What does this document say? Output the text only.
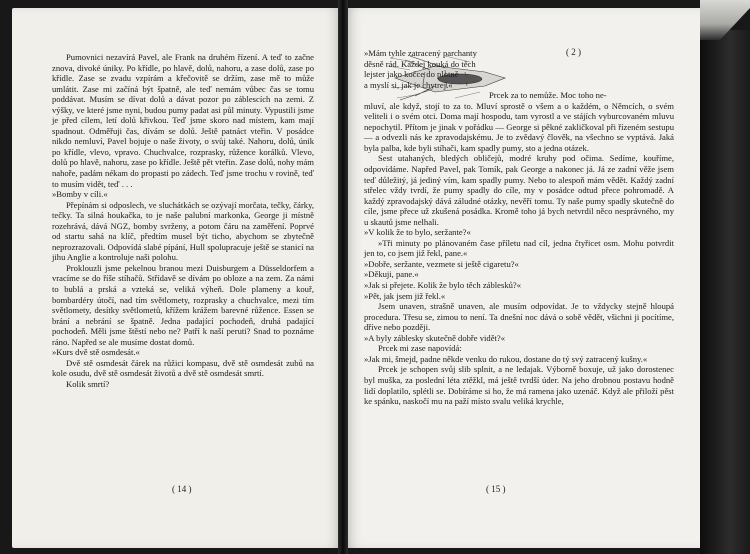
Pumovnici nezavírá Pavel, ale Frank na druhém řízení. A teď to začne znova, divoké úniky. Po křídle, po hlavě, dolů, nahoru, a zase dolů, zase po křídle. Zase se zvadu vzpírám a křečovitě se držím, zase mě to může umlátit. Zase mi začíná být špatně, ale teď nemám vůbec čas se tomu poddávat. Musím se dívat dolů a dávat pozor po záblescích na zemi. Z výšky, ve které jsme nyni, budou pumy padat asi půl minuty. Vypustili jsme je před cílem, letí dolů křivkou. Teď jsme skoro nad místem, kam mají spadnout. Odměřuji čas, dívám se dolů. Ještě patnáct vteřin. V posádce nikdo nemluví, Pavel bojuje o naše životy, o svůj také. Nahoru, dolů, únik po křídle, vlevo, vpravo. Chuchvalce, rozprasky, růžence korálků. Vlevo, dolů po hlavě, nahoru, zase po křídle. Ještě pět vteřin. Zase dolů, nohy mám nahoře, padám nékam do propasti po zádech. Teď jsme trochu v rovině, teď to musím vidět, teď . . .

»Bomby v cíli.«

Přepínám si odposlech, ve sluchátkách se ozývají morčata, tečky, čárky, tečky. Ta silná houkačka, to je naše palubní markonka, George ji místně rozehrává, dává NGZ, bomby svrženy, a potom čáru na zaměření. Poprvé od startu sahá na klíč, předtím musel být ticho, abychom se zbytečně neprozrazovali. Odpovídá slabé pípání, Hull spolupracuje ještě se stanicí na jihu Anglie a kontroluje naši polohu.

Proklouzli jsme pekelnou branou mezi Duisburgem a Düsseldorfem a vracíme se do říše stíhačů. Střídavě se dívám po obloze a na zem. Za námi to bublá a prská a vzteká se, veliká výheň. Dole plameny a kouř, bombardéry útočí, nad tím světlomety, rozprasky a chuchvalce, mezi tím světlomety, desítky světlometů, křížem krážem barevné růžence. Essen se brání a nebrání se špatně. Jedna padající pochodeň, druhá padající pochodeň. Měli jsme štěstí nebo ne? Patří k naší peruti? Snad to poznáme ráno. Napřed se ale musíme dostat domů.

»Kurs dvě stě osmdesát.«

Dvě stě osmdesát čárek na růžici kompasu, dvě stě osmdesát zubů na kole osudu, dvě stě osmdesát životů a dvě stě osmdesát smrtí.

Kolik smrtí?

( 14 )
( 2 )

»Mám tyhle zatracený parchanty

děsně rád. Každej kouká do těch

lejster jako kočce do plotně

a myslí si, jak je chytrej.«

Prcek za to nemůže. Moc toho ne-

mluví, ale když, stojí to za to. Mluví sprostě o všem a o každém, o Němcích, o svém veliteli i o svém otci. Doma mají hospodu, tam vyrostl a ve stájích vyburcovaném mluvu nepochytil. Přítom je jinak v pořádku — George si pěkné zakličkoval při řízeném sestupu — a odvezli nás ke zpravodajskému. Je to zvědavý člověk, na všechno se vyptává. Jaká byla palba, kde byli stíhači, kam spadly pumy, sto a jedna otázek.

Sest utahaných, bledých obličejů, modré kruhy pod očima. Sedíme, kouříme, odpovídáme. Napřed Pavel, pak Tomík, pak George a nakonec já. Já ze zadní věže jsem teď důležitý, já jediný vím, kam spadly pumy. Nebo to alespoň mám vědět. Každý zadní střelec vždy tvrdí, že pumy spadly do cíle, my v posádce odtud přece pohromadě. A každý zpravodajský dává záludné otázky, nevěří tomu. Ty naše pumy spadly skutečně do cíle, jsme přece už zkušená posádka. Kromě toho já bych netvrdil něco nesprávného, my u skautů jsme nelhali.

»V kolik že to bylo, seržante?«

»Tři minuty po plánovaném čase příletu nad cíl, jedna čtyřicet osm. Mohu potvrdit jen to, co jsem již řekl, pane.«

»Dobře, seržante, vezmete si ještě cigaretu?«

»Děkuji, pane.«

»Jak si přejete. Kolik že bylo těch záblesků?«

»Pět, jak jsem již řekl.«

Jsem unaven, strašně unaven, ale musím odpovídat. Je to vždycky stejně hloupá procedura. Třesu se, zimou to není. Ta dnešní noc dává o sobě vědět, všichni ji pocítíme, dříve nebo později.

»A byly záblesky skutečně dobře vidět?«

Prcek mi zase napovídá:

»Jak mi, šmejd, padne někde venku do rukou, dostane do tý svý zatracený kušny.«

Prcek je schopen svůj slib splnit, a ne ledajak. Výborně boxuje, už jako dorostenec byl muška, za poslední léta ztěžkl, má ještě tvrdší úder. Na jeho drobnou postavu hodně lidí doplatilo, splétli se. Dobíráme si ho, že má ramena jako uzenáč. Když ale přiloží pěst ke spánku, naskočí mu na paží místo svalu veliká krychle,

( 15 )
